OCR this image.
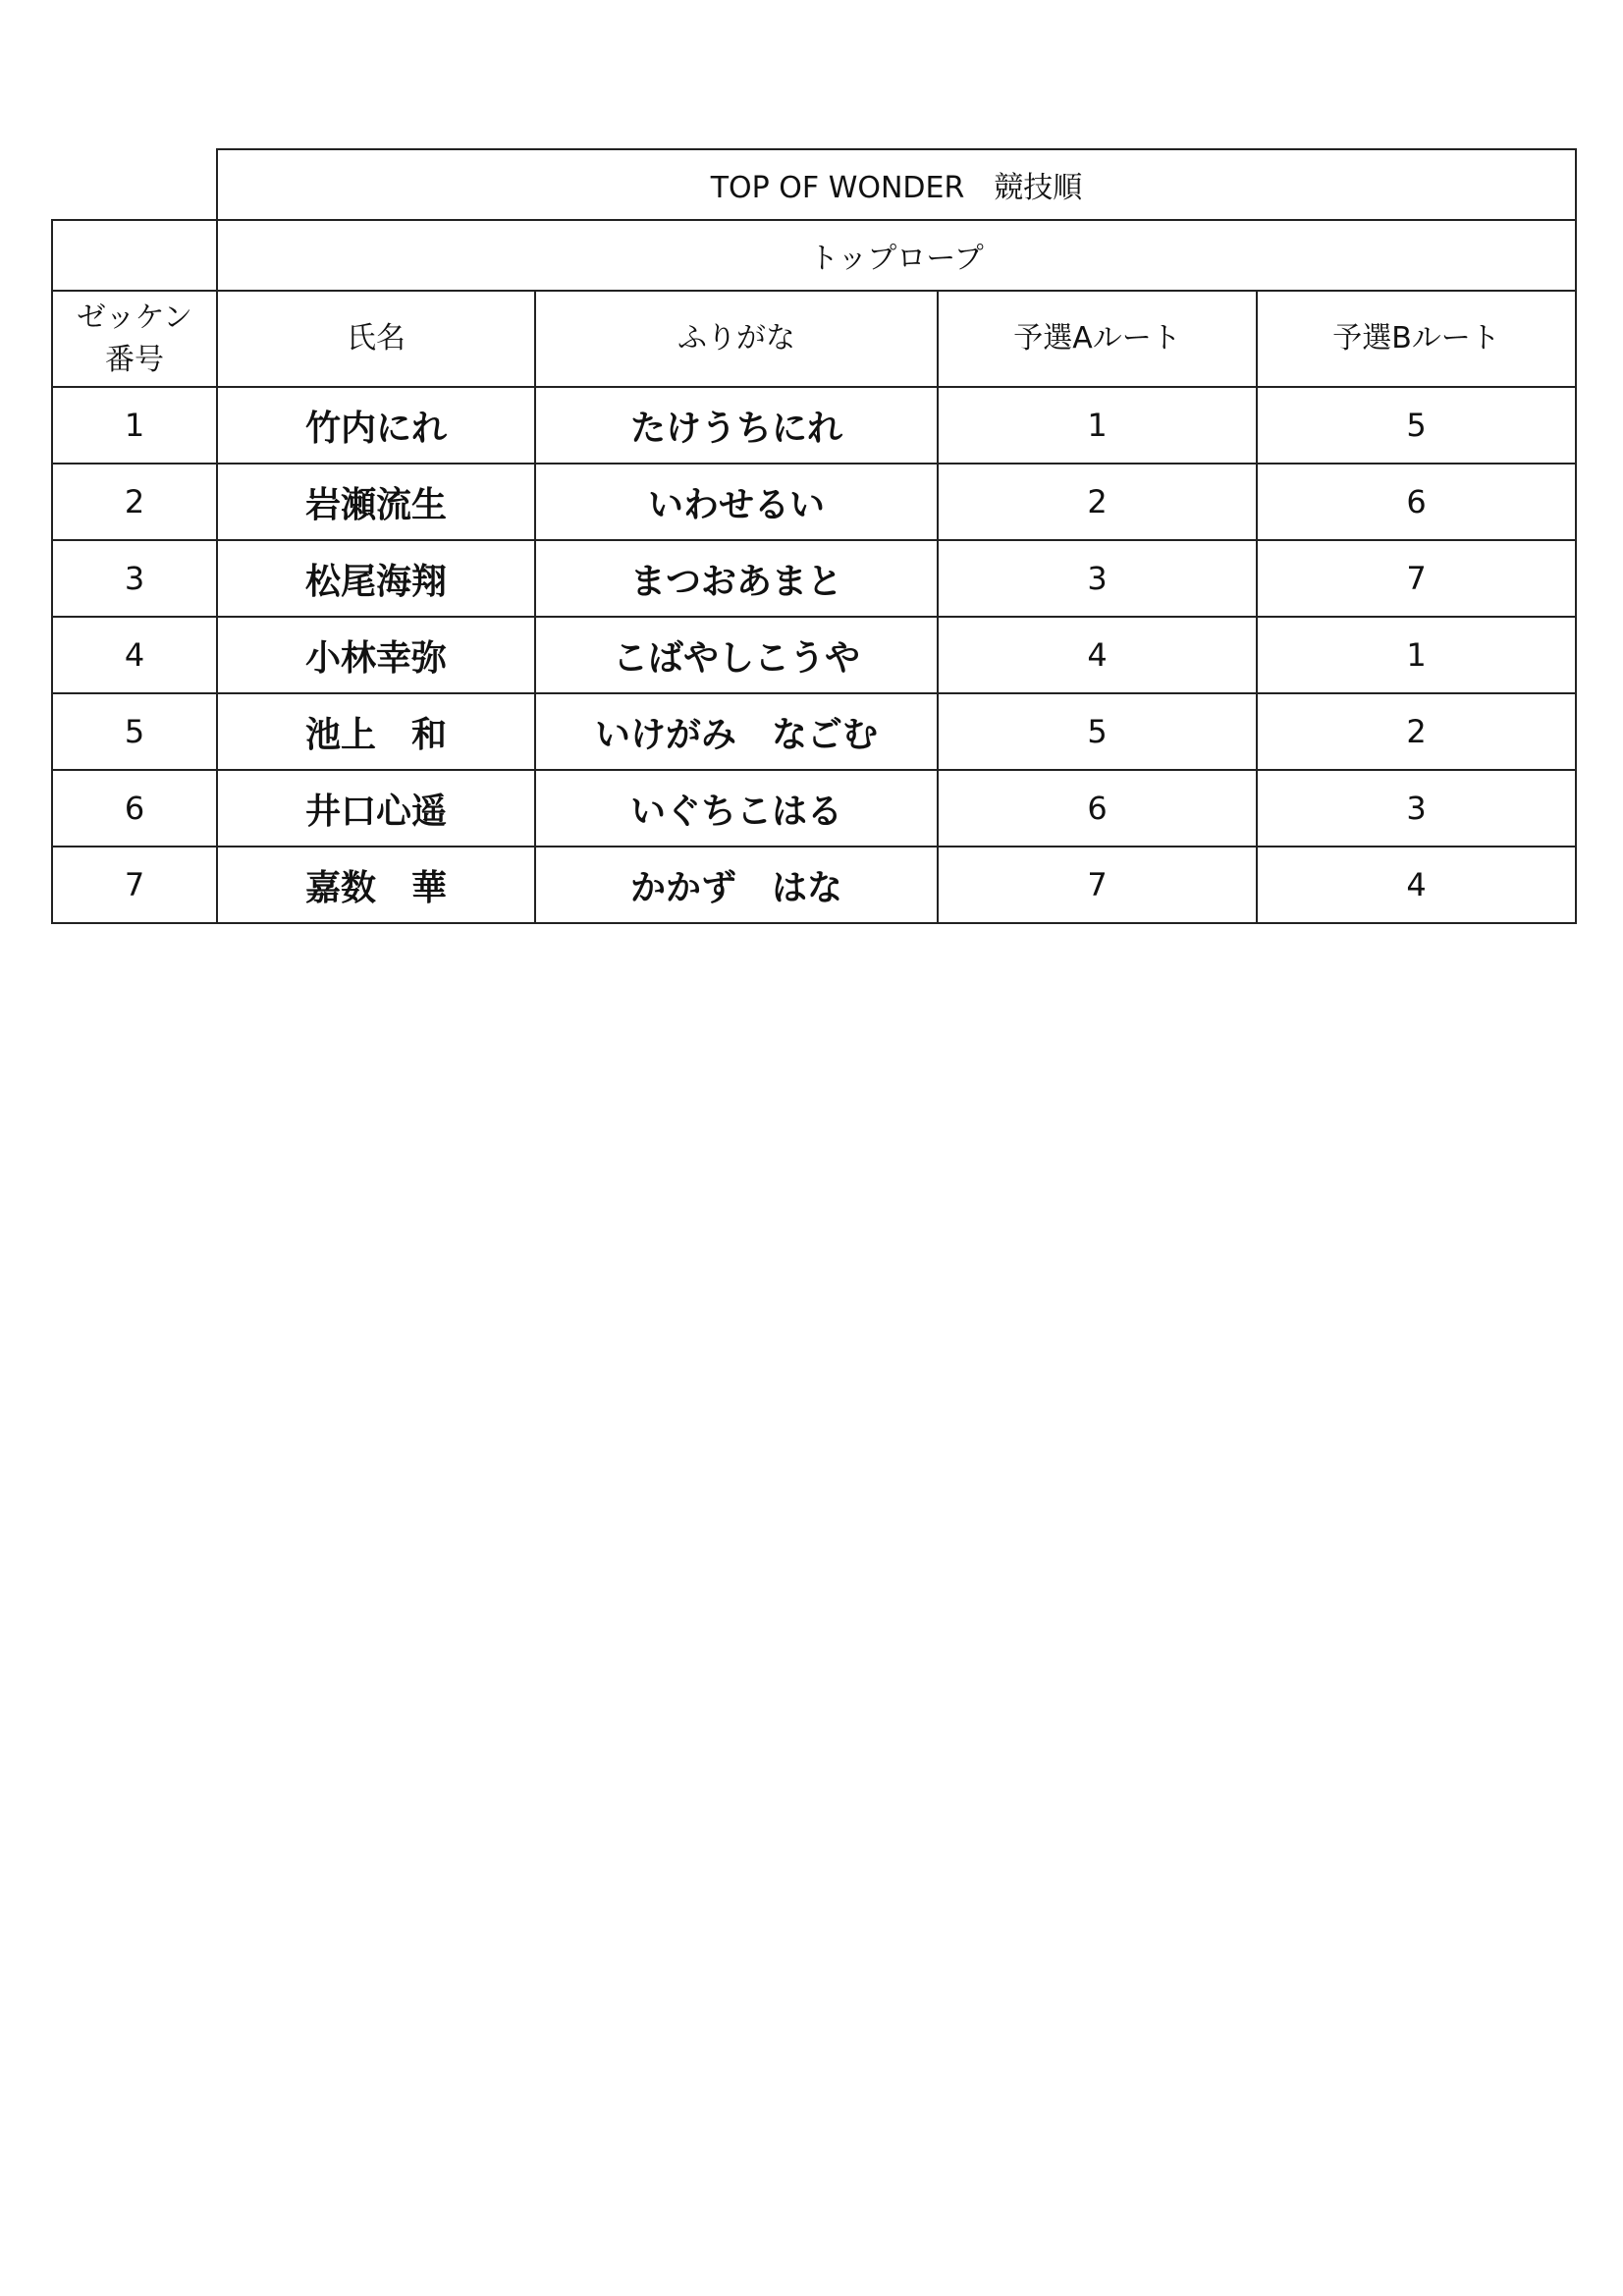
	TOP OF WONDER　競技順			
	トップロープ			

ゼッケン
番号	氏名	ふりがな	予選Aルート	予選Bルート
1	竹内にれ	たけうちにれ	1	5
2	岩瀬流生	いわせるい	2	6
3	松尾海翔	まつおあまと	3	7
4	小林幸弥	こばやしこうや	4	1
5	池上　和	いけがみ　なごむ	5	2
6	井口心遥	いぐちこはる	6	3
7	嘉数　華	かかず　はな	7	4
